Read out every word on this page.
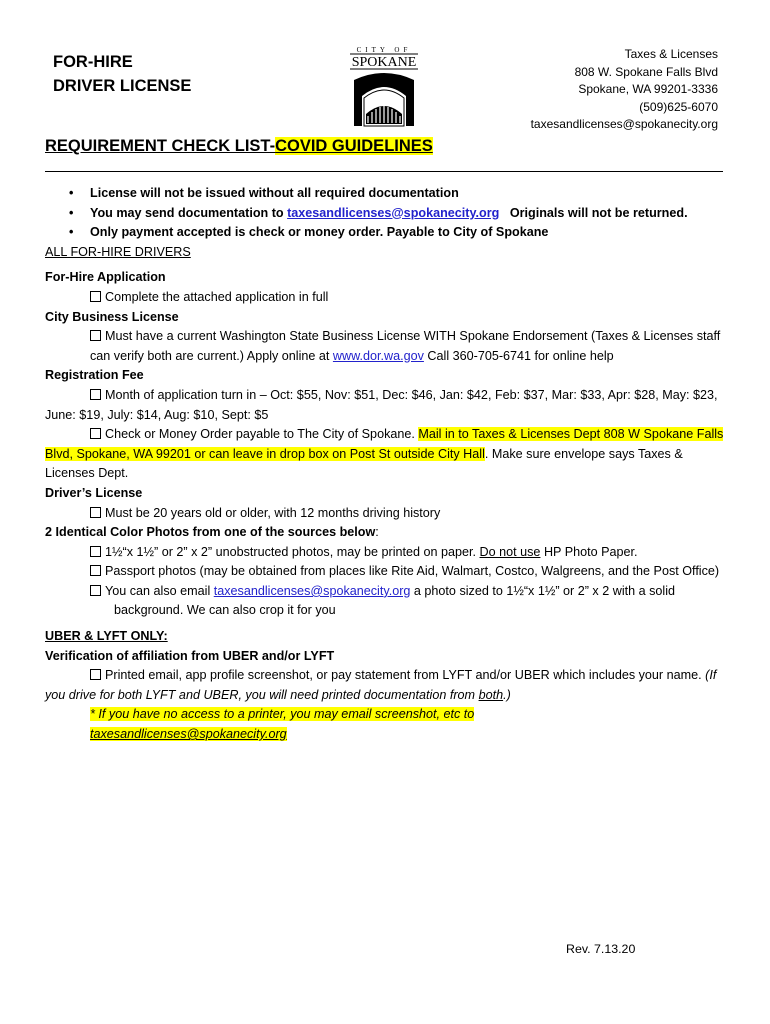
FOR-HIRE
DRIVER LICENSE
CITY OF
SPOKANE
Taxes & Licenses
808 W. Spokane Falls Blvd
Spokane, WA 99201-3336
(509)625-6070
taxesandlicenses@spokanecity.org
REQUIREMENT CHECK LIST-COVID GUIDELINES
• License will not be issued without all required documentation
• You may send documentation to taxesandlicenses@spokanecity.org   Originals will not be returned.
• Only payment accepted is check or money order. Payable to City of Spokane

ALL FOR-HIRE DRIVERS

For-Hire Application

Complete the attached application in full

City Business License

Must have a current Washington State Business License WITH Spokane Endorsement (Taxes & Licenses staff can verify both are current.) Apply online at www.dor.wa.gov Call 360-705-6741 for online help

Registration Fee

Month of application turn in – Oct: $55, Nov: $51, Dec: $46, Jan: $42, Feb: $37, Mar: $33, Apr: $28, May: $23, June: $19, July: $14, Aug: $10, Sept: $5

Check or Money Order payable to The City of Spokane. Mail in to Taxes & Licenses Dept 808 W Spokane Falls Blvd, Spokane, WA 99201 or can leave in drop box on Post St outside City Hall. Make sure envelope says Taxes & Licenses Dept.

Driver’s License

Must be 20 years old or older, with 12 months driving history

2 Identical Color Photos from one of the sources below:

1½“x 1½” or 2” x 2” unobstructed photos, may be printed on paper. Do not use HP Photo Paper.

Passport photos (may be obtained from places like Rite Aid, Walmart, Costco, Walgreens, and the Post Office)

You can also email taxesandlicenses@spokanecity.org a photo sized to 1½“x 1½” or 2” x 2 with a solid background. We can also crop it for you

UBER & LYFT ONLY:

Verification of affiliation from UBER and/or LYFT

Printed email, app profile screenshot, or pay statement from LYFT and/or UBER which includes your name. (If you drive for both LYFT and UBER, you will need printed documentation from both.)

* If you have no access to a printer, you may email screenshot, etc to
taxesandlicenses@spokanecity.org

Rev. 7.13.20
